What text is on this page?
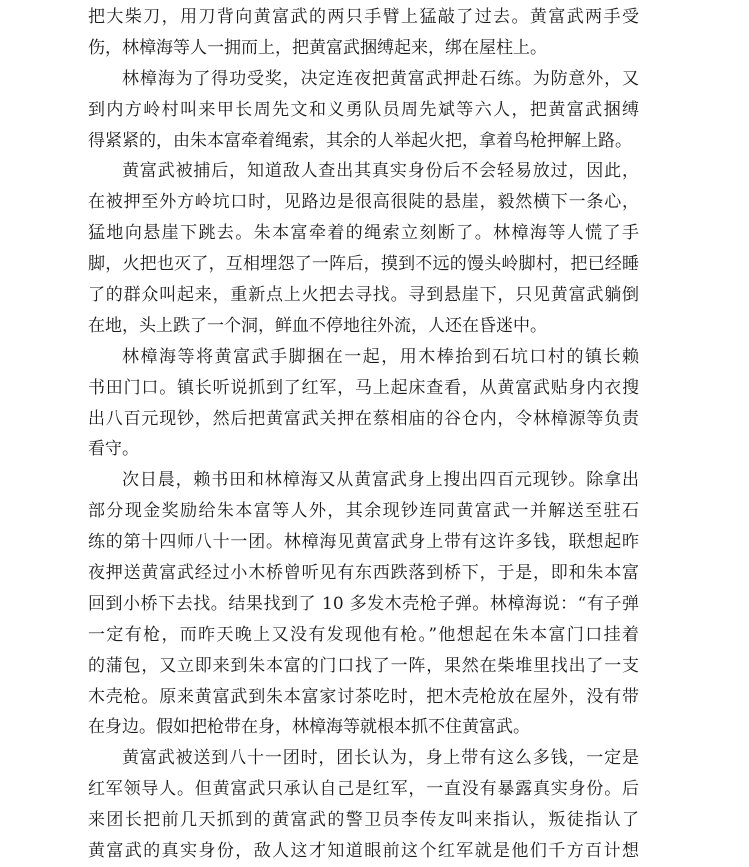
把大柴刀，用刀背向黄富武的两只手臂上猛敲了过去。黄富武两手受
伤，林樟海等人一拥而上，把黄富武捆缚起来，绑在屋柱上。
林樟海为了得功受奖，决定连夜把黄富武押赴石练。为防意外，又
到内方岭村叫来甲长周先文和义勇队员周先斌等六人，把黄富武捆缚
得紧紧的，由朱本富牵着绳索，其余的人举起火把，拿着鸟枪押解上路。
黄富武被捕后，知道敌人查出其真实身份后不会轻易放过，因此，
在被押至外方岭坑口时，见路边是很高很陡的悬崖，毅然横下一条心，
猛地向悬崖下跳去。朱本富牵着的绳索立刻断了。林樟海等人慌了手
脚，火把也灭了，互相埋怨了一阵后，摸到不远的馒头岭脚村，把已经睡
了的群众叫起来，重新点上火把去寻找。寻到悬崖下，只见黄富武躺倒
在地，头上跌了一个洞，鲜血不停地往外流，人还在昏迷中。
林樟海等将黄富武手脚捆在一起，用木棒抬到石坑口村的镇长赖
书田门口。镇长听说抓到了红军，马上起床查看，从黄富武贴身内衣搜
出八百元现钞，然后把黄富武关押在蔡相庙的谷仓内，令林樟源等负责
看守。
次日晨，赖书田和林樟海又从黄富武身上搜出四百元现钞。除拿出
部分现金奖励给朱本富等人外，其余现钞连同黄富武一并解送至驻石
练的第十四师八十一团。林樟海见黄富武身上带有这许多钱，联想起昨
夜押送黄富武经过小木桥曾听见有东西跌落到桥下，于是，即和朱本富
回到小桥下去找。结果找到了 10 多发木壳枪子弹。林樟海说：“有子弹
一定有枪，而昨天晚上又没有发现他有枪。”他想起在朱本富门口挂着
的蒲包，又立即来到朱本富的门口找了一阵，果然在柴堆里找出了一支
木壳枪。原来黄富武到朱本富家讨茶吃时，把木壳枪放在屋外，没有带
在身边。假如把枪带在身，林樟海等就根本抓不住黄富武。
黄富武被送到八十一团时，团长认为，身上带有这么多钱，一定是
红军领导人。但黄富武只承认自己是红军，一直没有暴露真实身份。后
来团长把前几天抓到的黄富武的警卫员李传友叫来指认，叛徒指认了
黄富武的真实身份，敌人这才知道眼前这个红军就是他们千方百计想
